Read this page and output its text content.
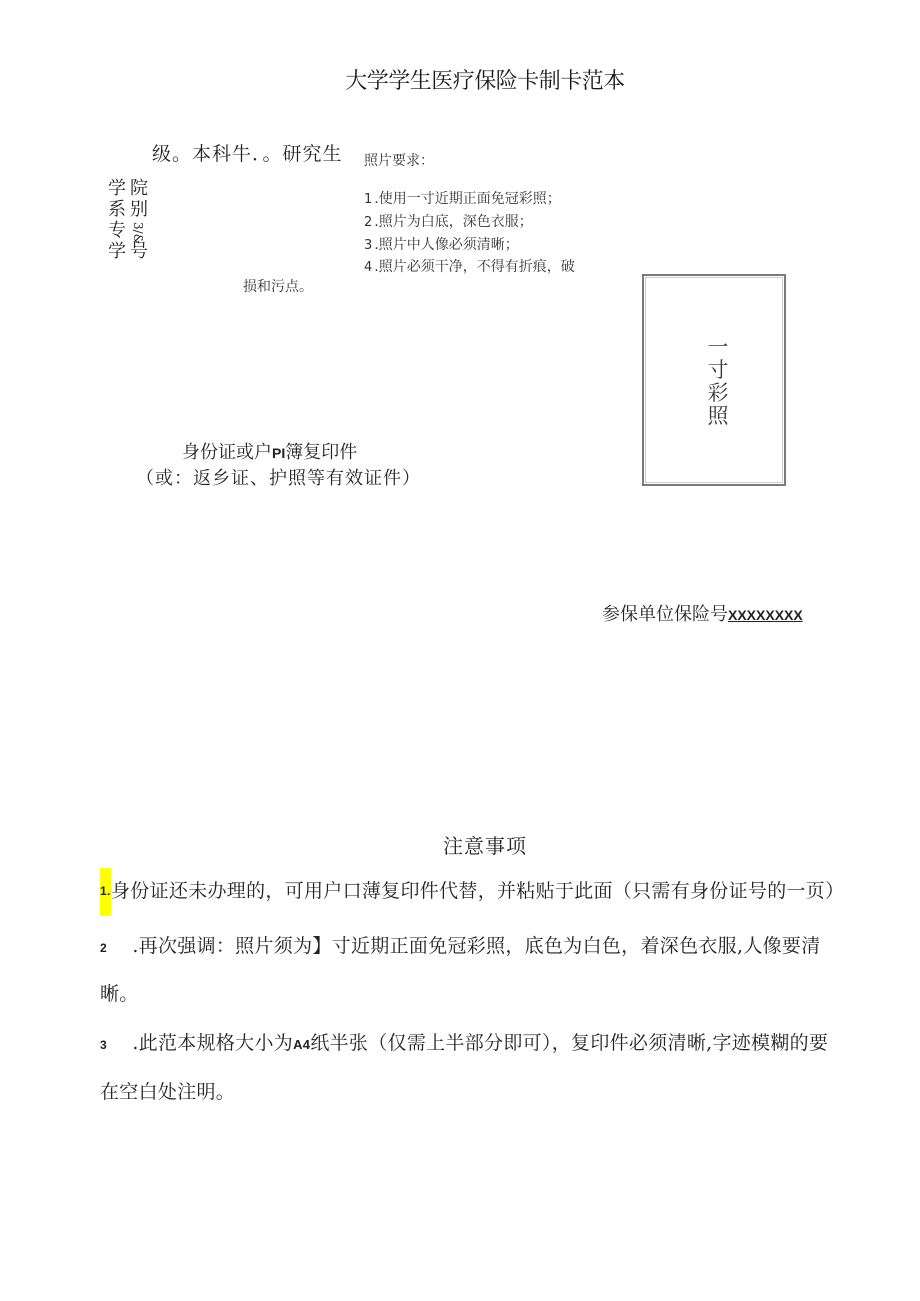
大学学生医疗保险卡制卡范本
级。本科牛．。研究生
学
系
专
学
院
别
3/&.
号
照片要求：
1 .使用一寸近期正面免冠彩照；
2 .照片为白底，深色衣服；
3 .照片中人像必须清晰；
4 .照片必须干净，不得有折痕，破
损和污点。
一
寸
彩
照
身份证或户PI簿复印件
（或：返乡证、护照等有效证件）
参保单位保险号XXXXXXXX
注意事项
1. 身份证还未办理的，可用户口薄复印件代替，并粘贴于此面（只需有身份证号的一页）
2 .再次强调：照片须为】寸近期正面免冠彩照，底色为白色，着深色衣服,人像要清
晰。
3 .此范本规格大小为A4纸半张（仅需上半部分即可），复印件必须清晰,字迹模糊的要
在空白处注明。
